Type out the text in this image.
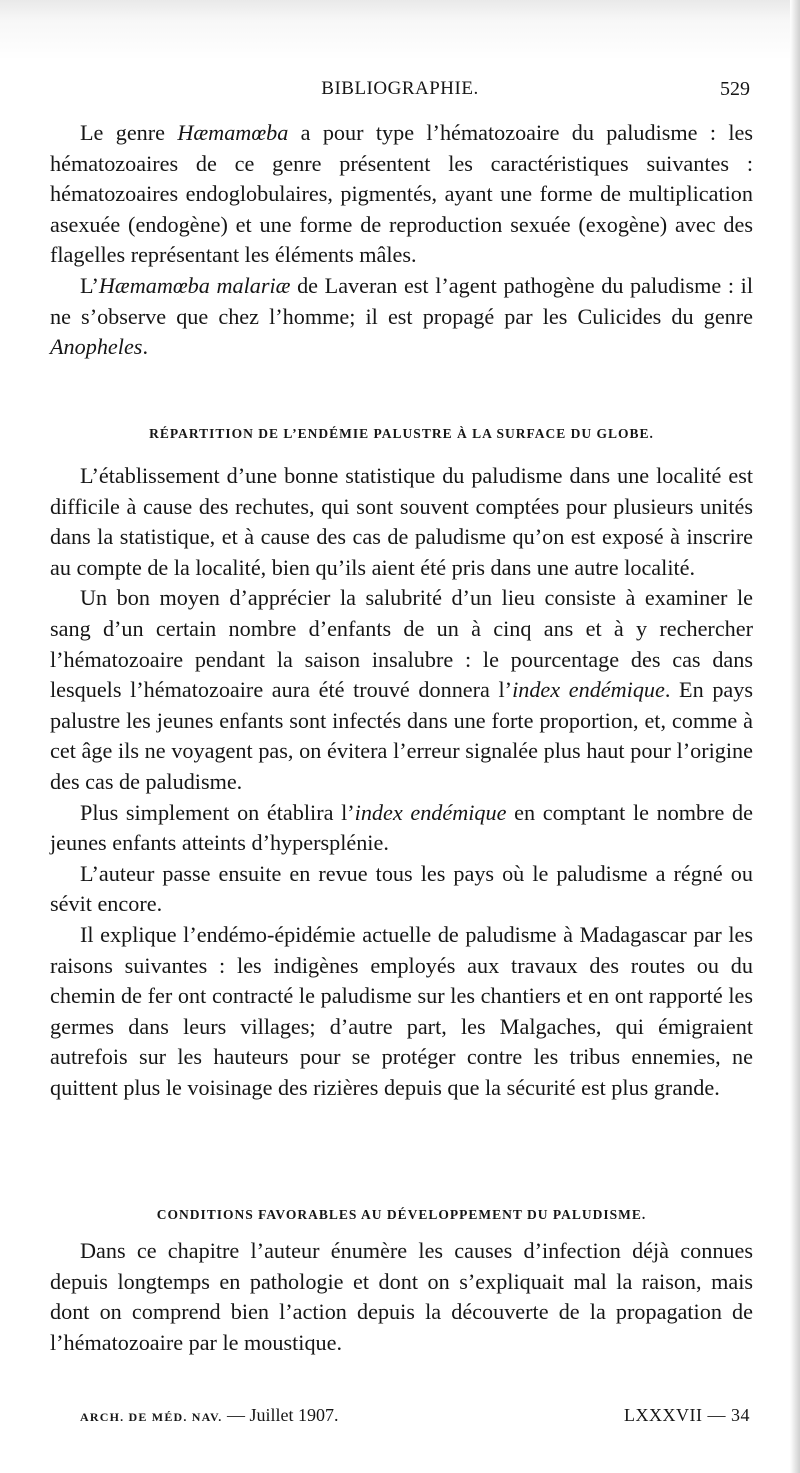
BIBLIOGRAPHIE.	529

Le genre Hæmamœba a pour type l’hématozoaire du paludisme : les hématozoaires de ce genre présentent les caractéristiques suivantes : hématozoaires endoglobulaires, pigmentés, ayant une forme de multiplication asexuée (endogène) et une forme de reproduction sexuée (exogène) avec des flagelles représentant les éléments mâles.

L’Hæmamœba malariæ de Laveran est l’agent pathogène du paludisme : il ne s’observe que chez l’homme; il est propagé par les Culicides du genre Anopheles.

RÉPARTITION DE L’ENDÉMIE PALUSTRE À LA SURFACE DU GLOBE.

L’établissement d’une bonne statistique du paludisme dans une localité est difficile à cause des rechutes, qui sont souvent comptées pour plusieurs unités dans la statistique, et à cause des cas de paludisme qu’on est exposé à inscrire au compte de la localité, bien qu’ils aient été pris dans une autre localité.

Un bon moyen d’apprécier la salubrité d’un lieu consiste à examiner le sang d’un certain nombre d’enfants de un à cinq ans et à y rechercher l’hématozoaire pendant la saison insalubre : le pourcentage des cas dans lesquels l’hématozoaire aura été trouvé donnera l’index endémique. En pays palustre les jeunes enfants sont infectés dans une forte proportion, et, comme à cet âge ils ne voyagent pas, on évitera l’erreur signalée plus haut pour l’origine des cas de paludisme.

Plus simplement on établira l’index endémique en comptant le nombre de jeunes enfants atteints d’hypersplénie.

L’auteur passe ensuite en revue tous les pays où le paludisme a régné ou sévit encore.

Il explique l’endémo-épidémie actuelle de paludisme à Madagascar par les raisons suivantes : les indigènes employés aux travaux des routes ou du chemin de fer ont contracté le paludisme sur les chantiers et en ont rapporté les germes dans leurs villages; d’autre part, les Malgaches, qui émigraient autrefois sur les hauteurs pour se protéger contre les tribus ennemies, ne quittent plus le voisinage des rizières depuis que la sécurité est plus grande.

CONDITIONS FAVORABLES AU DÉVELOPPEMENT DU PALUDISME.

Dans ce chapitre l’auteur énumère les causes d’infection déjà connues depuis longtemps en pathologie et dont on s’expliquait mal la raison, mais dont on comprend bien l’action depuis la découverte de la propagation de l’hématozoaire par le moustique.

ARCH. DE MÉD. NAV. — Juillet 1907.	LXXXVII — 34
